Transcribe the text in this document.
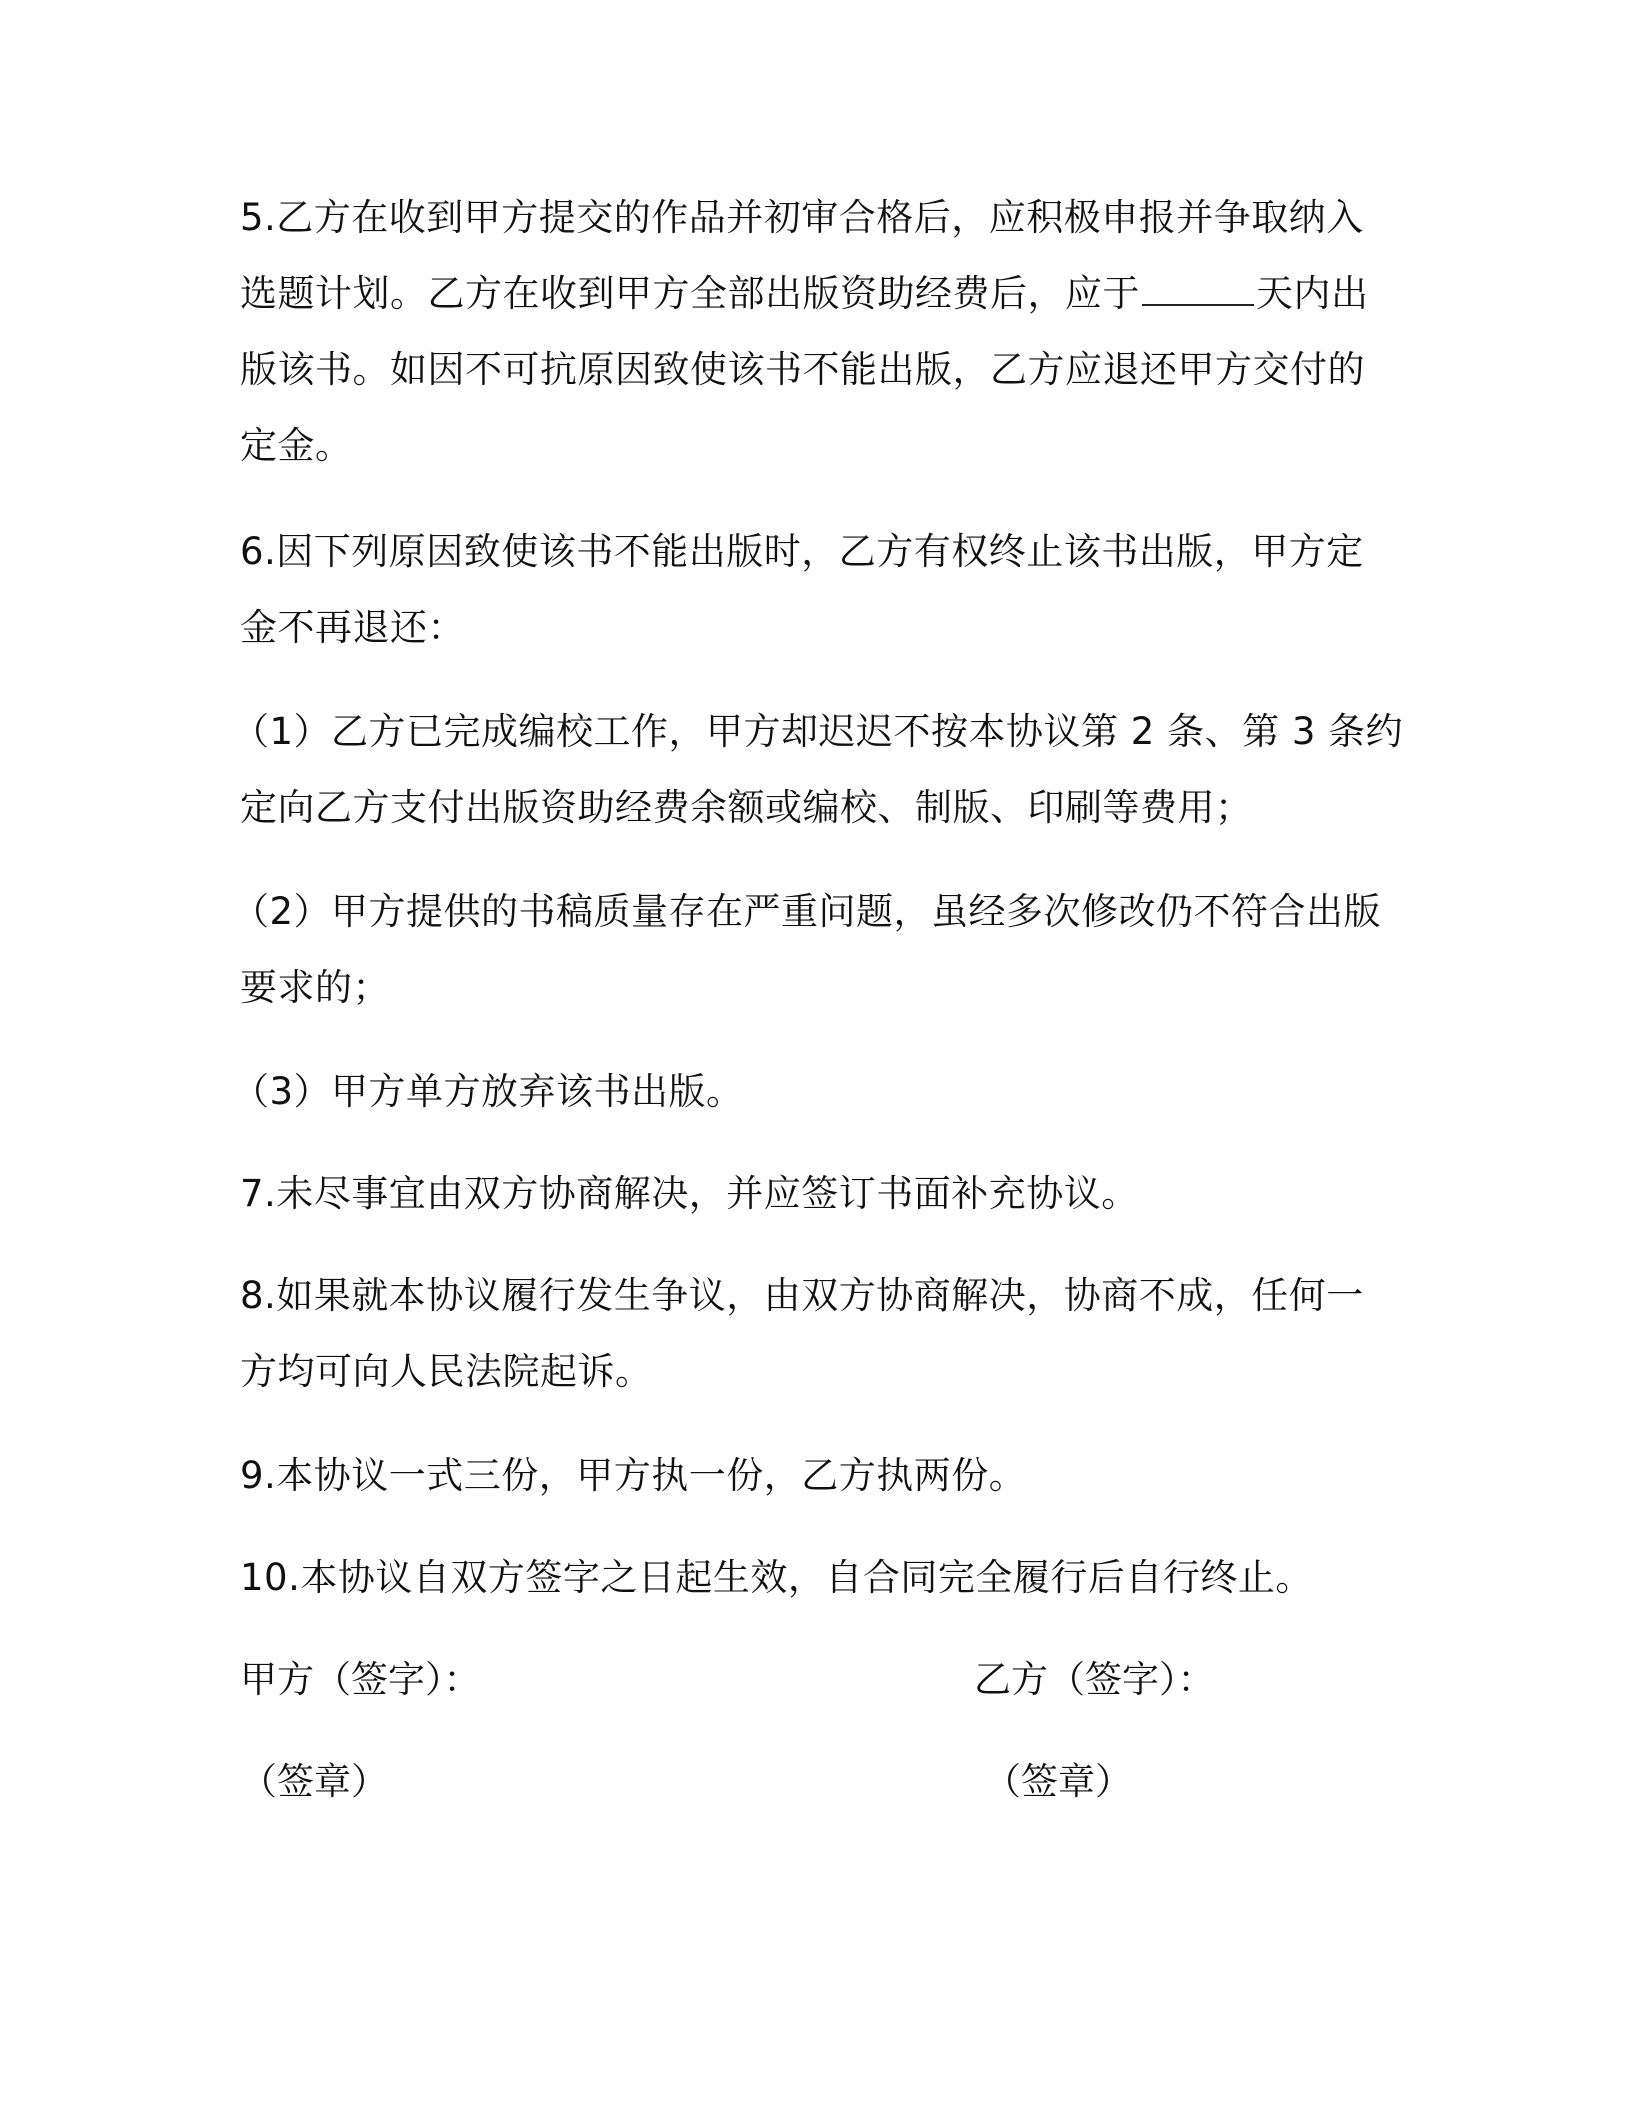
5.乙方在收到甲方提交的作品并初审合格后，应积极申报并争取纳入
选题计划。乙方在收到甲方全部出版资助经费后，应于	天内出
版该书。如因不可抗原因致使该书不能出版，乙方应退还甲方交付的
定金。

6.因下列原因致使该书不能出版时，乙方有权终止该书出版，甲方定
金不再退还：

（1）乙方已完成编校工作，甲方却迟迟不按本协议第 2 条、第 3 条约
定向乙方支付出版资助经费余额或编校、制版、印刷等费用；

（2）甲方提供的书稿质量存在严重问题，虽经多次修改仍不符合出版
要求的；

（3）甲方单方放弃该书出版。

7.未尽事宜由双方协商解决，并应签订书面补充协议。

8.如果就本协议履行发生争议，由双方协商解决，协商不成，任何一
方均可向人民法院起诉。

9.本协议一式三份，甲方执一份，乙方执两份。

10.本协议自双方签字之日起生效，自合同完全履行后自行终止。

甲方（签字）：	乙方（签字）：
（签章）	（签章）
